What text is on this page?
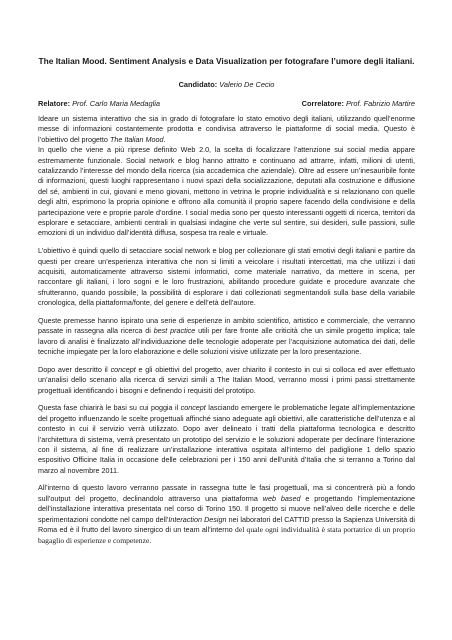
The Italian Mood. Sentiment Analysis e Data Visualization per fotografare l’umore degli italiani.
Candidato: Valerio De Cecio
Relatore: Prof. Carlo Maria Medaglia	Correlatore: Prof. Fabrizio Martire

Ideare un sistema interattivo che sia in grado di fotografare lo stato emotivo degli italiani, utilizzando quell’enorme messe di informazioni costantemente prodotta e condivisa attraverso le piattaforme di social media. Questo è l’obiettivo del progetto The Italian Mood.

In quello che viene a più riprese definito Web 2.0, la scelta di focalizzare l’attenzione sui social media appare estremamente funzionale. Social network e blog hanno attratto e continuano ad attrarre, infatti, milioni di utenti, catalizzando l’interesse del mondo della ricerca (sia accademica che aziendale). Oltre ad essere un’inesauribile fonte di informazioni, questi luoghi rappresentano i nuovi spazi della socializzazione, deputati alla costruzione e diffusione del sé, ambienti in cui, giovani e meno giovani, mettono in vetrina le proprie individualità e si relazionano con quelle degli altri, esprimono la propria opinione e offrono alla comunità il proprio sapere facendo della condivisione e della partecipazione vere e proprie parole d’ordine. I social media sono per questo interessanti oggetti di ricerca, territori da esplorare e setacciare, ambienti centrali in qualsiasi indagine che verte sul sentire, sui desideri, sulle passioni, sulle emozioni di un individuo dall’identità diffusa, sospesa tra reale e virtuale.

L’obiettivo è quindi quello di setacciare social network e blog per collezionare gli stati emotivi degli italiani e partire da questi per creare un’esperienza interattiva che non si limiti a veicolare i risultati intercettati, ma che utilizzi i dati acquisiti, automaticamente attraverso sistemi informatici, come materiale narrativo, da mettere in scena, per raccontare gli italiani, i loro sogni e le loro frustrazioni, abilitando procedure guidate e procedure avanzate che sfrutteranno, quando possibile, la possibilità di esplorare i dati collezionati segmentandoli sulla base della variabile cronologica, della piattaforma/fonte, del genere e dell’età dell’autore.

Queste premesse hanno ispirato una serie di esperienze in ambito scientifico, artistico e commerciale, che verranno passate in rassegna alla ricerca di best practice utili per fare fronte alle criticità che un simile progetto implica; tale lavoro di analisi è finalizzato all’individuazione delle tecnologie adoperate per l’acquisizione automatica dei dati, delle tecniche impiegate per la loro elaborazione e delle soluzioni visive utilizzate per la loro presentazione.

Dopo aver descritto il concept e gli obiettivi del progetto, aver chiarito il contesto in cui si colloca ed aver effettuato un’analisi dello scenario alla ricerca di servizi simili a The Italian Mood, verranno mossi i primi passi strettamente progettuali identificando i bisogni e definendo i requisiti del prototipo.

Questa fase chiarirà le basi su cui poggia il concept lasciando emergere le problematiche legate all’implementazione del progetto influenzando le scelte progettuali affinché siano adeguate agli obiettivi, alle caratteristiche dell’utenza e al contesto in cui il servizio verrà utilizzato. Dopo aver delineato i tratti della piattaforma tecnologica e descritto l’architettura di sistema, verrà presentato un prototipo del servizio e le soluzioni adoperate per declinare l’interazione con il sistema, al fine di realizzare un’installazione interattiva ospitata all’interno del padiglione 1 dello spazio espositivo Officine Italia in occasione delle celebrazioni per i 150 anni dell’unità d’Italia che si terranno a Torino dal marzo al novembre 2011.

All’interno di questo lavoro verranno passate in rassegna tutte le fasi progettuali, ma si concentrerà più a fondo sull’output del progetto, declinandolo attraverso una piattaforma web based e progettando l’implementazione dell’installazione interattiva presentata nel corso di Torino 150. Il progetto si muove nell’alveo delle ricerche e delle sperimentazioni condotte nel campo dell’Interaction Design nei laboratori del CATTID presso la Sapienza Università di Roma ed è il frutto del lavoro sinergico di un team all’interno del quale ogni individualità è stata portatrice di un proprio bagaglio di esperienze e competenze.
